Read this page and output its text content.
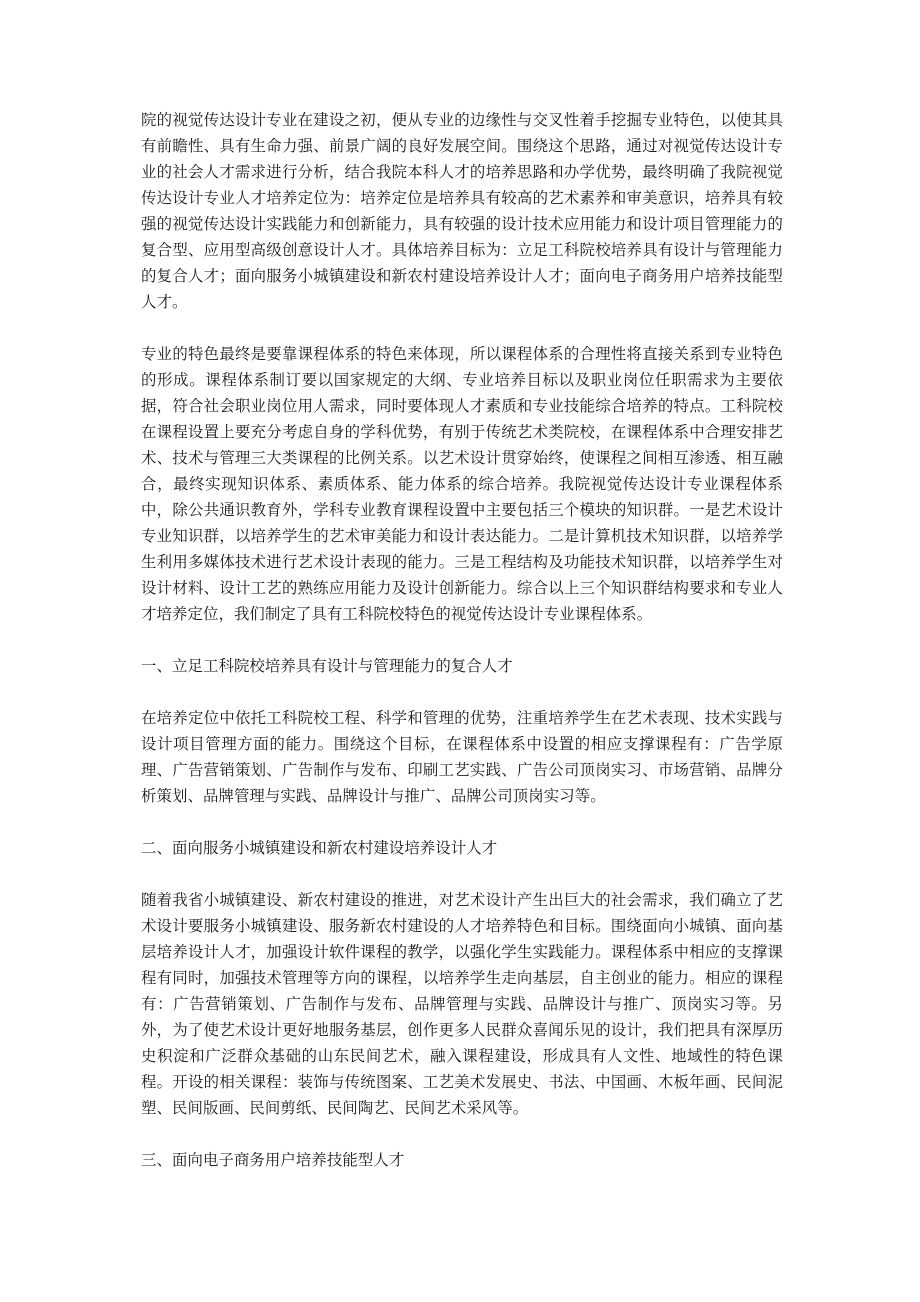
院的视觉传达设计专业在建设之初，便从专业的边缘性与交叉性着手挖掘专业特色，以使其具有前瞻性、具有生命力强、前景广阔的良好发展空间。围绕这个思路，通过对视觉传达设计专业的社会人才需求进行分析，结合我院本科人才的培养思路和办学优势，最终明确了我院视觉传达设计专业人才培养定位为：培养定位是培养具有较高的艺术素养和审美意识，培养具有较强的视觉传达设计实践能力和创新能力，具有较强的设计技术应用能力和设计项目管理能力的复合型、应用型高级创意设计人才。具体培养目标为：立足工科院校培养具有设计与管理能力的复合人才；面向服务小城镇建设和新农村建设培养设计人才；面向电子商务用户培养技能型人才。

专业的特色最终是要靠课程体系的特色来体现，所以课程体系的合理性将直接关系到专业特色的形成。课程体系制订要以国家规定的大纲、专业培养目标以及职业岗位任职需求为主要依据，符合社会职业岗位用人需求，同时要体现人才素质和专业技能综合培养的特点。工科院校在课程设置上要充分考虑自身的学科优势，有别于传统艺术类院校，在课程体系中合理安排艺术、技术与管理三大类课程的比例关系。以艺术设计贯穿始终，使课程之间相互渗透、相互融合，最终实现知识体系、素质体系、能力体系的综合培养。我院视觉传达设计专业课程体系中，除公共通识教育外，学科专业教育课程设置中主要包括三个模块的知识群。一是艺术设计专业知识群，以培养学生的艺术审美能力和设计表达能力。二是计算机技术知识群，以培养学生利用多媒体技术进行艺术设计表现的能力。三是工程结构及功能技术知识群，以培养学生对设计材料、设计工艺的熟练应用能力及设计创新能力。综合以上三个知识群结构要求和专业人才培养定位，我们制定了具有工科院校特色的视觉传达设计专业课程体系。

一、立足工科院校培养具有设计与管理能力的复合人才

在培养定位中依托工科院校工程、科学和管理的优势，注重培养学生在艺术表现、技术实践与设计项目管理方面的能力。围绕这个目标，在课程体系中设置的相应支撑课程有：广告学原理、广告营销策划、广告制作与发布、印刷工艺实践、广告公司顶岗实习、市场营销、品牌分析策划、品牌管理与实践、品牌设计与推广、品牌公司顶岗实习等。

二、面向服务小城镇建设和新农村建设培养设计人才

随着我省小城镇建设、新农村建设的推进，对艺术设计产生出巨大的社会需求，我们确立了艺术设计要服务小城镇建设、服务新农村建设的人才培养特色和目标。围绕面向小城镇、面向基层培养设计人才，加强设计软件课程的教学，以强化学生实践能力。课程体系中相应的支撑课程有同时，加强技术管理等方向的课程，以培养学生走向基层，自主创业的能力。相应的课程有：广告营销策划、广告制作与发布、品牌管理与实践、品牌设计与推广、顶岗实习等。另外，为了使艺术设计更好地服务基层，创作更多人民群众喜闻乐见的设计，我们把具有深厚历史积淀和广泛群众基础的山东民间艺术，融入课程建设，形成具有人文性、地域性的特色课程。开设的相关课程：装饰与传统图案、工艺美术发展史、书法、中国画、木板年画、民间泥塑、民间版画、民间剪纸、民间陶艺、民间艺术采风等。

三、面向电子商务用户培养技能型人才
